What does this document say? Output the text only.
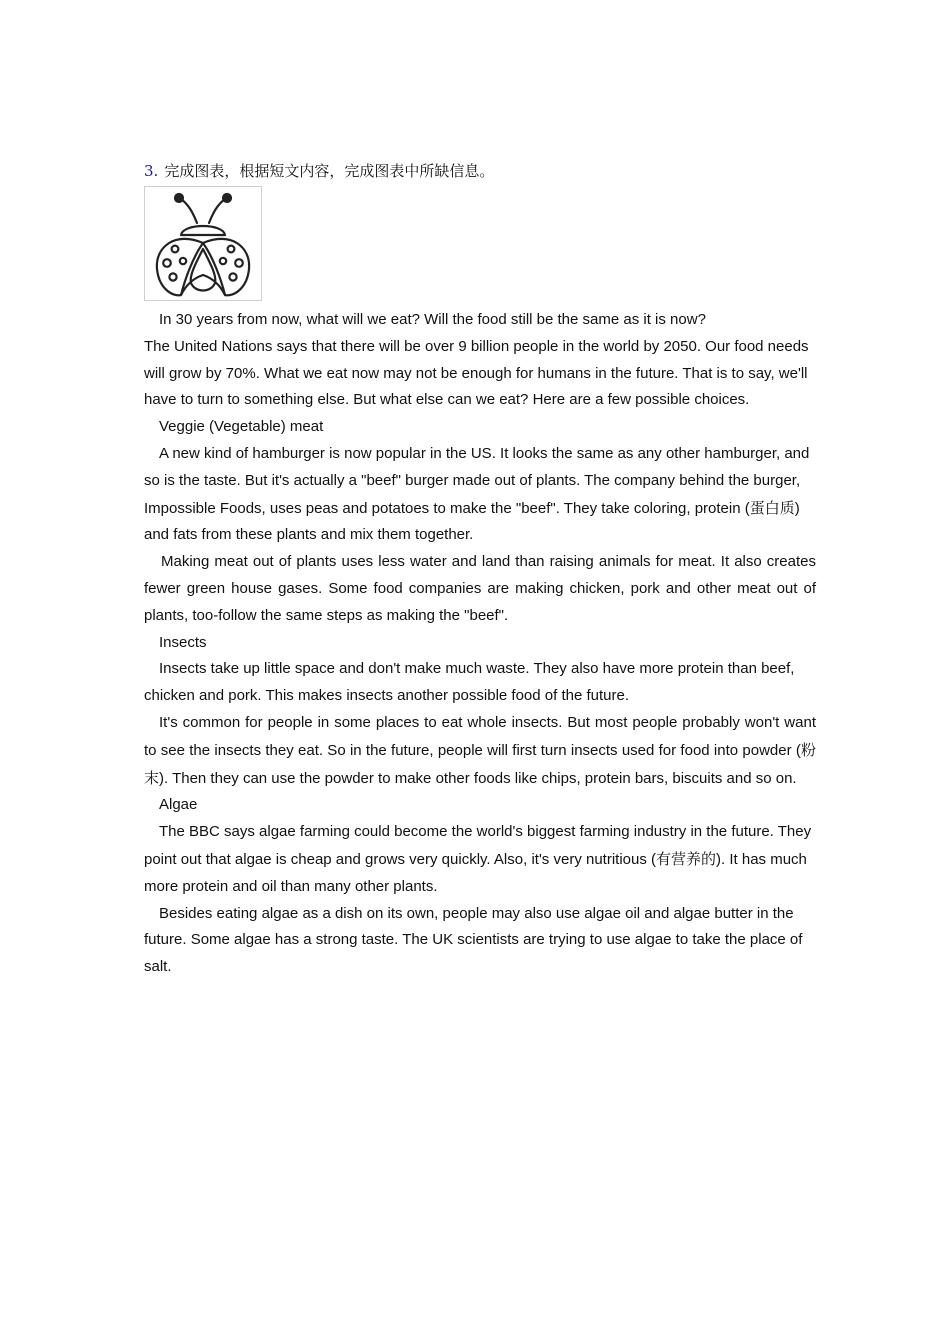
3. 完成图表，根据短文内容，完成图表中所缺信息。

In 30 years from now, what will we eat? Will the food still be the same as it is now?

The United Nations says that there will be over 9 billion people in the world by 2050. Our food needs will grow by 70%. What we eat now may not be enough for humans in the future. That is to say, we'll have to turn to something else. But what else can we eat? Here are a few possible choices.

Veggie (Vegetable) meat

A new kind of hamburger is now popular in the US. It looks the same as any other hamburger, and so is the taste. But it's actually a "beef" burger made out of plants. The company behind the burger, Impossible Foods, uses peas and potatoes to make the "beef". They take coloring, protein (蛋白质) and fats from these plants and mix them together.

Making meat out of plants uses less water and land than raising animals for meat. It also creates fewer green house gases. Some food companies are making chicken, pork and other meat out of plants, too-follow the same steps as making the "beef".

Insects

Insects take up little space and don't make much waste. They also have more protein than beef, chicken and pork. This makes insects another possible food of the future.

It's common for people in some places to eat whole insects. But most people probably won't want to see the insects they eat. So in the future, people will first turn insects used for food into powder (粉末). Then they can use the powder to make other foods like chips, protein bars, biscuits and so on.

Algae

The BBC says algae farming could become the world's biggest farming industry in the future. They point out that algae is cheap and grows very quickly. Also, it's very nutritious (有营养的). It has much more protein and oil than many other plants.

Besides eating algae as a dish on its own, people may also use algae oil and algae butter in the future. Some algae has a strong taste. The UK scientists are trying to use algae to take the place of salt.
